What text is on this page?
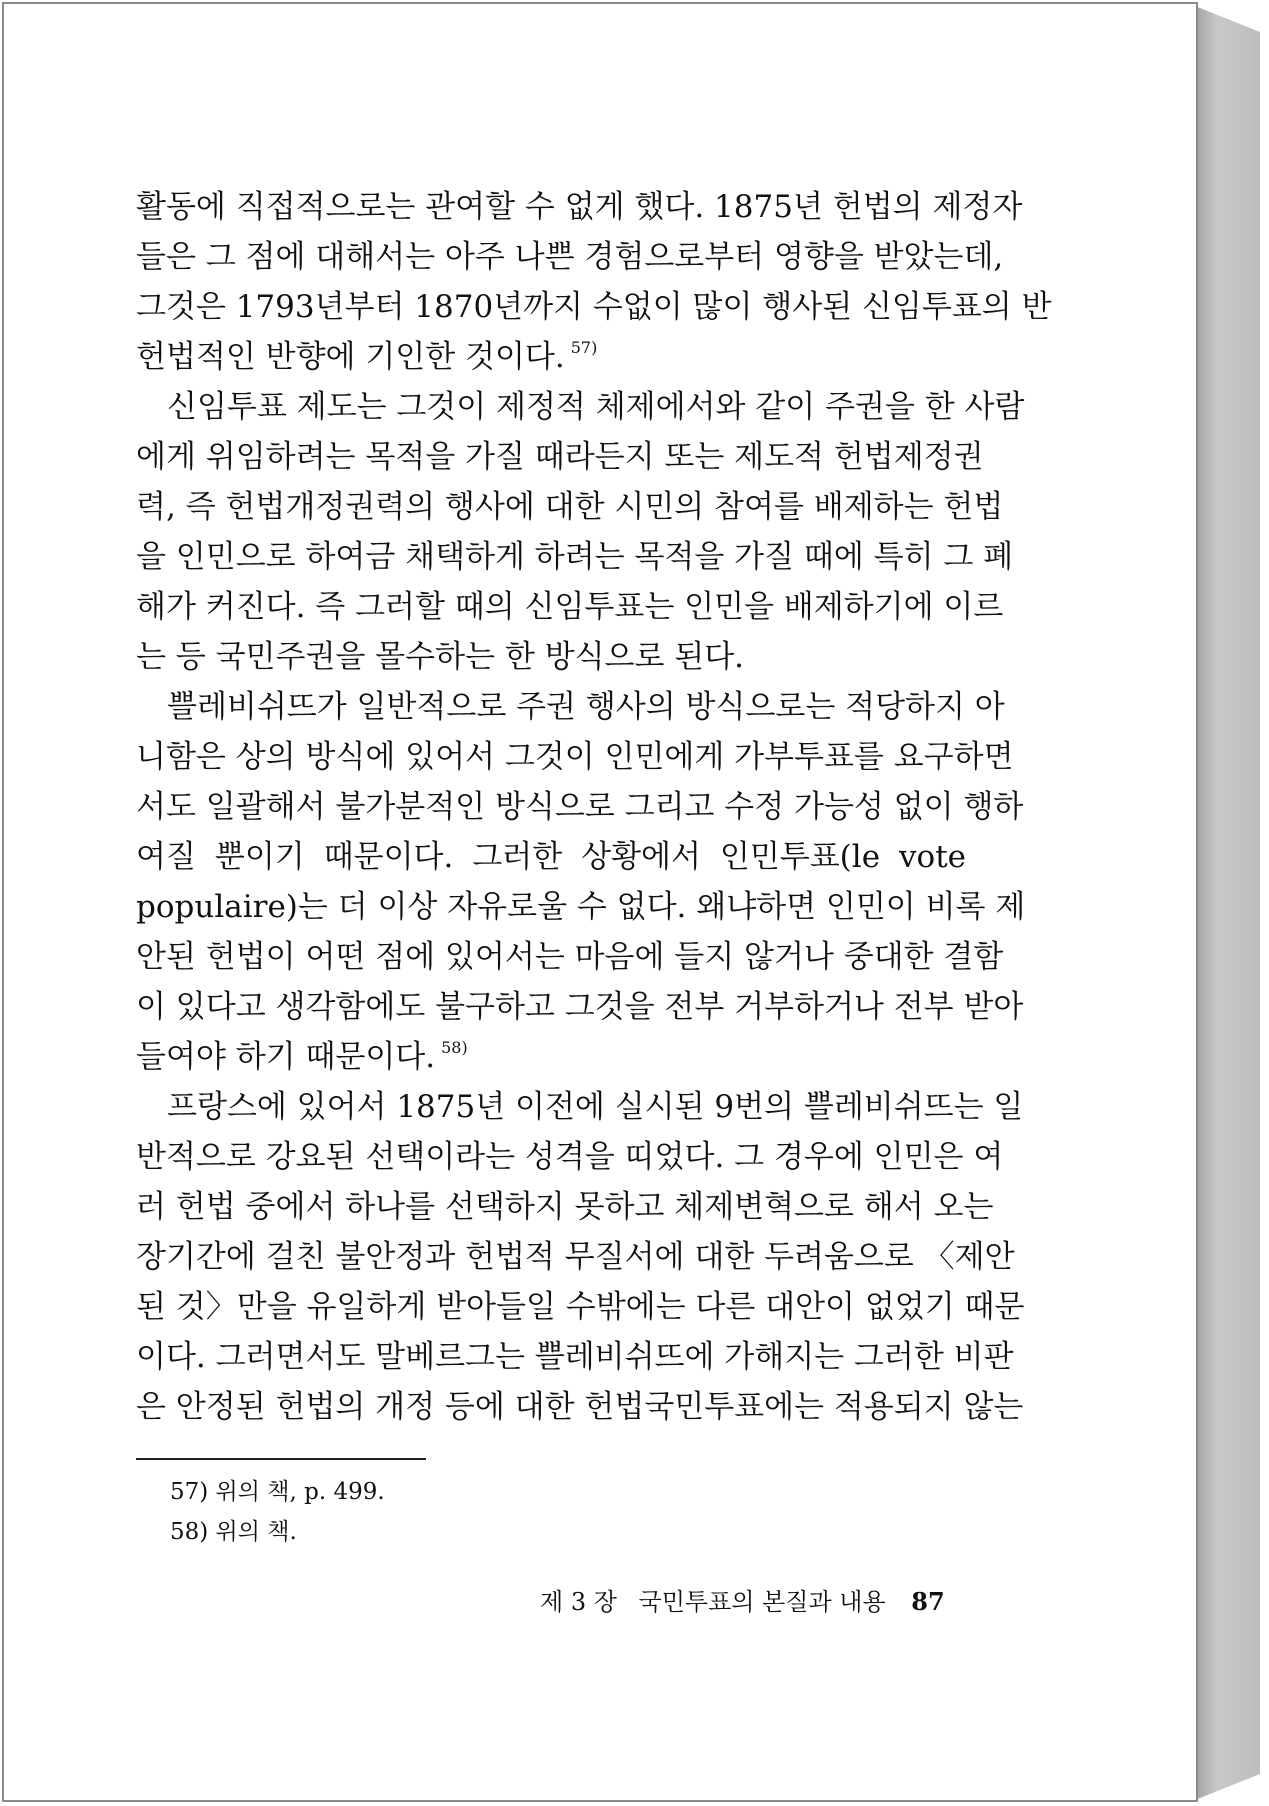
활동에 직접적으로는 관여할 수 없게 했다. 1875년 헌법의 제정자
들은 그 점에 대해서는 아주 나쁜 경험으로부터 영향을 받았는데,
그것은 1793년부터 1870년까지 수없이 많이 행사된 신임투표의 반
헌법적인 반향에 기인한 것이다. $^{57)}$
신임투표 제도는 그것이 제정적 체제에서와 같이 주권을 한 사람
에게 위임하려는 목적을 가질 때라든지 또는 제도적 헌법제정권
력, 즉 헌법개정권력의 행사에 대한 시민의 참여를 배제하는 헌법
을 인민으로 하여금 채택하게 하려는 목적을 가질 때에 특히 그 폐
해가 커진다. 즉 그러할 때의 신임투표는 인민을 배제하기에 이르
는 등 국민주권을 몰수하는 한 방식으로 된다.
쁠레비쉬뜨가 일반적으로 주권 행사의 방식으로는 적당하지 아
니함은 상의 방식에 있어서 그것이 인민에게 가부투표를 요구하면
서도 일괄해서 불가분적인 방식으로 그리고 수정 가능성 없이 행하
여질 뿐이기 때문이다. 그러한 상황에서 인민투표(le vote
populaire)는 더 이상 자유로울 수 없다. 왜냐하면 인민이 비록 제
안된 헌법이 어떤 점에 있어서는 마음에 들지 않거나 중대한 결함
이 있다고 생각함에도 불구하고 그것을 전부 거부하거나 전부 받아
들여야 하기 때문이다. $^{58)}$
프랑스에 있어서 1875년 이전에 실시된 9번의 쁠레비쉬뜨는 일
반적으로 강요된 선택이라는 성격을 띠었다. 그 경우에 인민은 여
러 헌법 중에서 하나를 선택하지 못하고 체제변혁으로 해서 오는
장기간에 걸친 불안정과 헌법적 무질서에 대한 두려움으로 〈제안
된 것〉만을 유일하게 받아들일 수밖에는 다른 대안이 없었기 때문
이다. 그러면서도 말베르그는 쁠레비쉬뜨에 가해지는 그러한 비판
은 안정된 헌법의 개정 등에 대한 헌법국민투표에는 적용되지 않는
57) 위의 책, p. 499.
58) 위의 책.
제 3 장 국민투표의 본질과 내용 87
